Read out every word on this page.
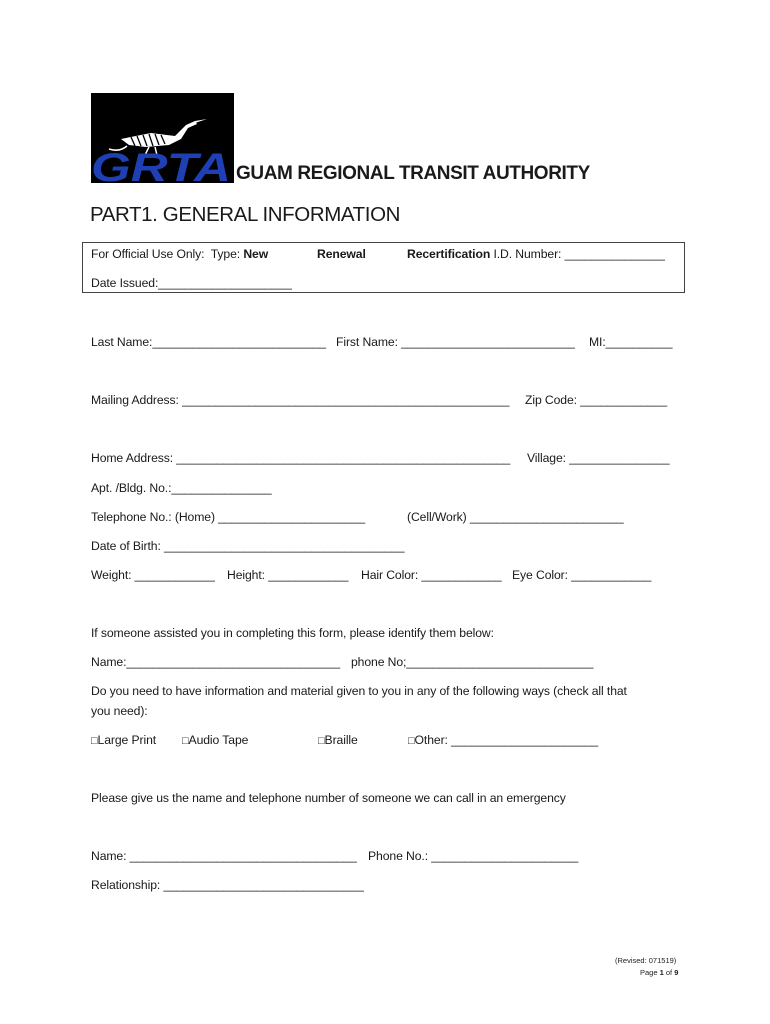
GRTA GUAM REGIONAL TRANSIT AUTHORITY
PART1. GENERAL INFORMATION
For Official Use Only:  Type: New	Renewal	Recertification I.D. Number: _______________
Date Issued:____________________
Last Name:__________________________ First Name: __________________________ MI:__________
Mailing Address: _________________________________________________ Zip Code: _____________
Home Address: __________________________________________________ Village: _______________
Apt. /Bldg. No.:_______________
Telephone No.: (Home) ______________________	(Cell/Work) _______________________
Date of Birth: ____________________________________
Weight: ____________ Height: ____________ Hair Color: ____________ Eye Color: ____________
If someone assisted you in completing this form, please identify them below:
Name:________________________________ phone No;____________________________
Do you need to have information and material given to you in any of the following ways (check all that
you need):
□Large Print □Audio Tape	□Braille	□Other: ______________________
Please give us the name and telephone number of someone we can call in an emergency
Name: __________________________________ Phone No.: ______________________
Relationship: ______________________________
(Revised: 071519)
Page 1 of 9
